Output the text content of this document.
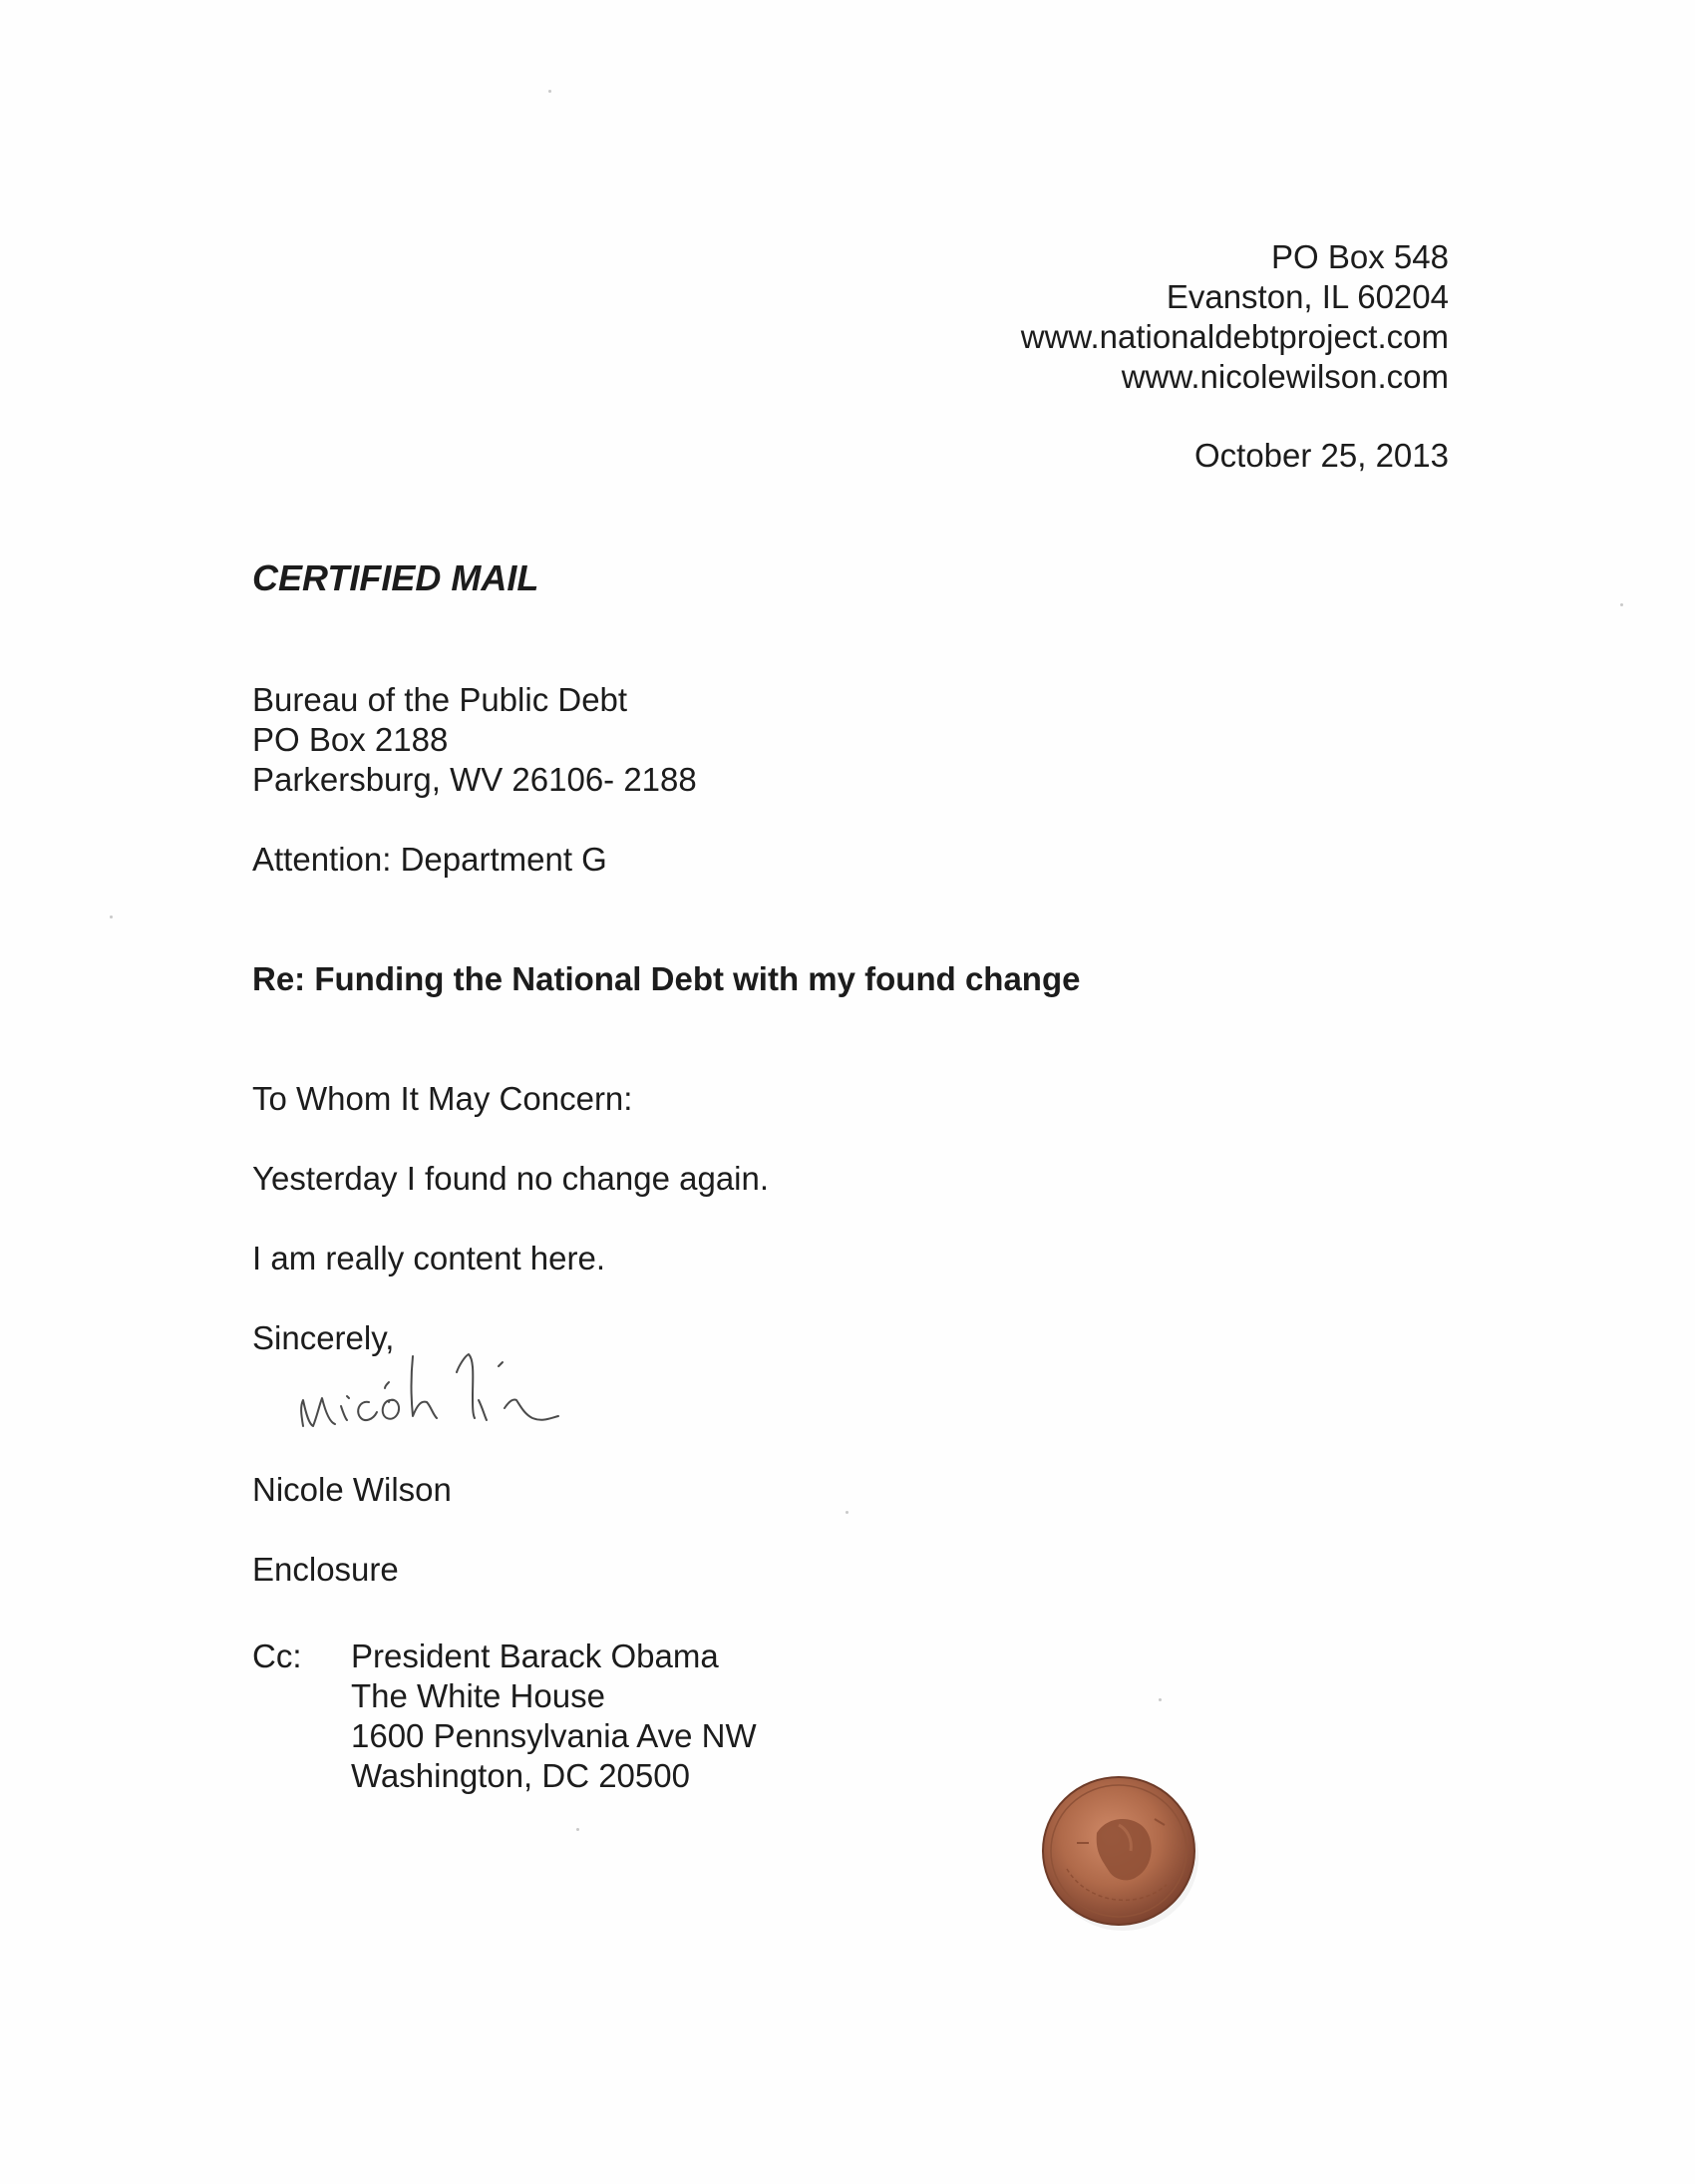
PO Box 548
Evanston, IL 60204
www.nationaldebtproject.com
www.nicolewilson.com
October 25, 2013
CERTIFIED MAIL
Bureau of the Public Debt
PO Box 2188
Parkersburg, WV 26106- 2188
Attention: Department G
Re: Funding the National Debt with my found change
To Whom It May Concern:
Yesterday I found no change again.
I am really content here.
Sincerely,
Nicole Wilson
Enclosure
Cc: President Barack Obama
The White House
1600 Pennsylvania Ave NW
Washington, DC 20500
